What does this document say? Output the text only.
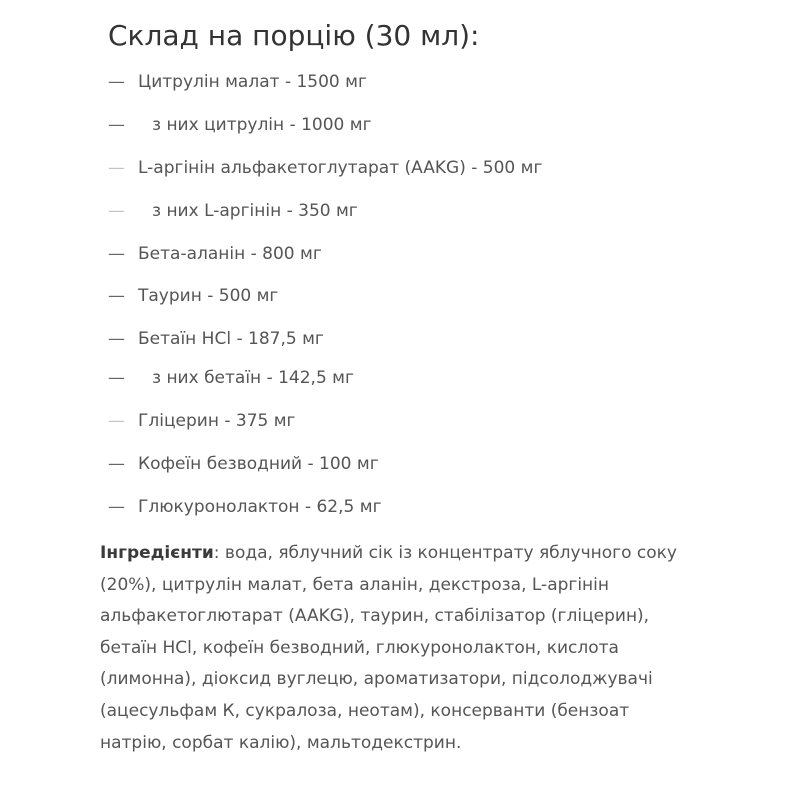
Склад на порцію (30 мл):
— Цитрулін малат - 1500 мг
— з них цитрулін - 1000 мг
— L-аргінін альфакетоглутарат (AAKG) - 500 мг
— з них L-аргінін - 350 мг
— Бета-аланін - 800 мг
— Таурин - 500 мг
— Бетаїн HCl - 187,5 мг
— з них бетаїн - 142,5 мг
— Гліцерин - 375 мг
— Кофеїн безводний - 100 мг
— Глюкуронолактон - 62,5 мг

Інгредієнти: вода, яблучний сік із концентрату яблучного соку (20%), цитрулін малат, бета аланін, декстроза, L-аргінін альфакетоглютарат (AAKG), таурин, стабілізатор (гліцерин), бетаїн HCl, кофеїн безводний, глюкуронолактон, кислота (лимонна), діоксид вуглецю, ароматизатори, підсолоджувачі (ацесульфам К, сукралоза, неотам), консерванти (бензоат натрію, сорбат калію), мальтодекстрин.
